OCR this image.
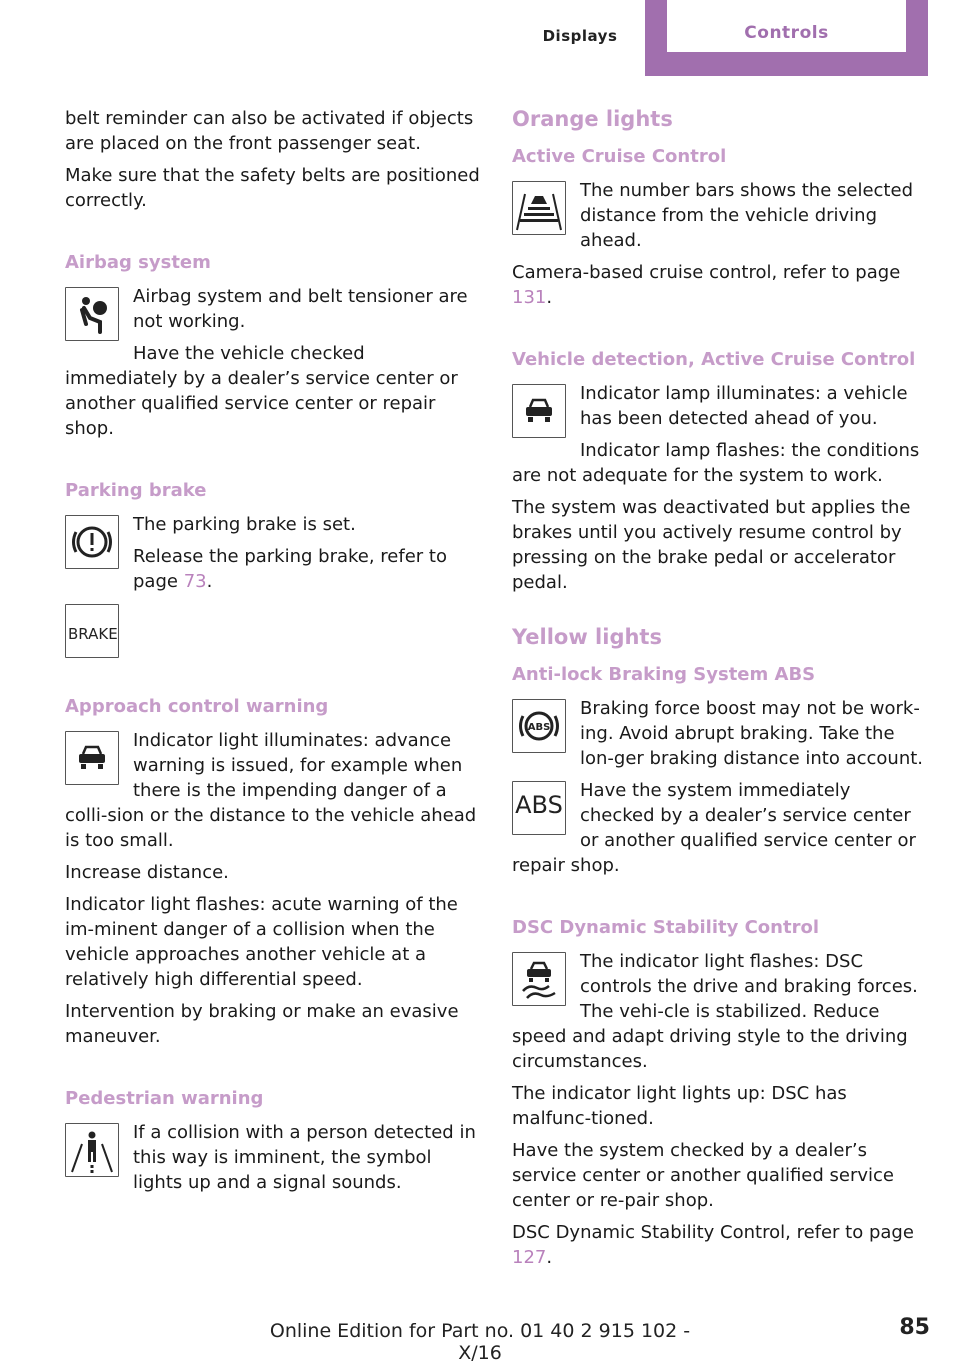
Displays	Controls

belt reminder can also be activated if objects are placed on the front passenger seat.

Make sure that the safety belts are positioned correctly.

Airbag system

Airbag system and belt tensioner are not working.

Have the vehicle checked immediately by a dealer’s service center or another qualified service center or repair shop.

Parking brake

The parking brake is set.

Release the parking brake, refer to page 73.

BRAKE
Approach control warning

Indicator light illuminates: advance warning is issued, for example when there is the impending danger of a colli‐sion or the distance to the vehicle ahead is too small.

Increase distance.

Indicator light flashes: acute warning of the im‐minent danger of a collision when the vehicle approaches another vehicle at a relatively high differential speed.

Intervention by braking or make an evasive maneuver.

Pedestrian warning

If a collision with a person detected in this way is imminent, the symbol lights up and a signal sounds.

Orange lights
Active Cruise Control

The number bars shows the selected distance from the vehicle driving ahead.

Camera-based cruise control, refer to page 131.

Vehicle detection, Active Cruise Control

Indicator lamp illuminates: a vehicle has been detected ahead of you.

Indicator lamp flashes: the conditions are not adequate for the system to work.

The system was deactivated but applies the brakes until you actively resume control by pressing on the brake pedal or accelerator pedal.

Yellow lights
Anti-lock Braking System ABS
ABS

Braking force boost may not be work‐ing. Avoid abrupt braking. Take the lon‐ger braking distance into account.

ABS

Have the system immediately checked by a dealer’s service center or another qualified service center or repair shop.

DSC Dynamic Stability Control

The indicator light flashes: DSC controls the drive and braking forces. The vehi‐cle is stabilized. Reduce speed and adapt driving style to the driving circumstances.

The indicator light lights up: DSC has malfunc‐tioned.

Have the system checked by a dealer’s service center or another qualified service center or re‐pair shop.

DSC Dynamic Stability Control, refer to page 127.

Online Edition for Part no. 01 40 2 915 102 - X/16
85
